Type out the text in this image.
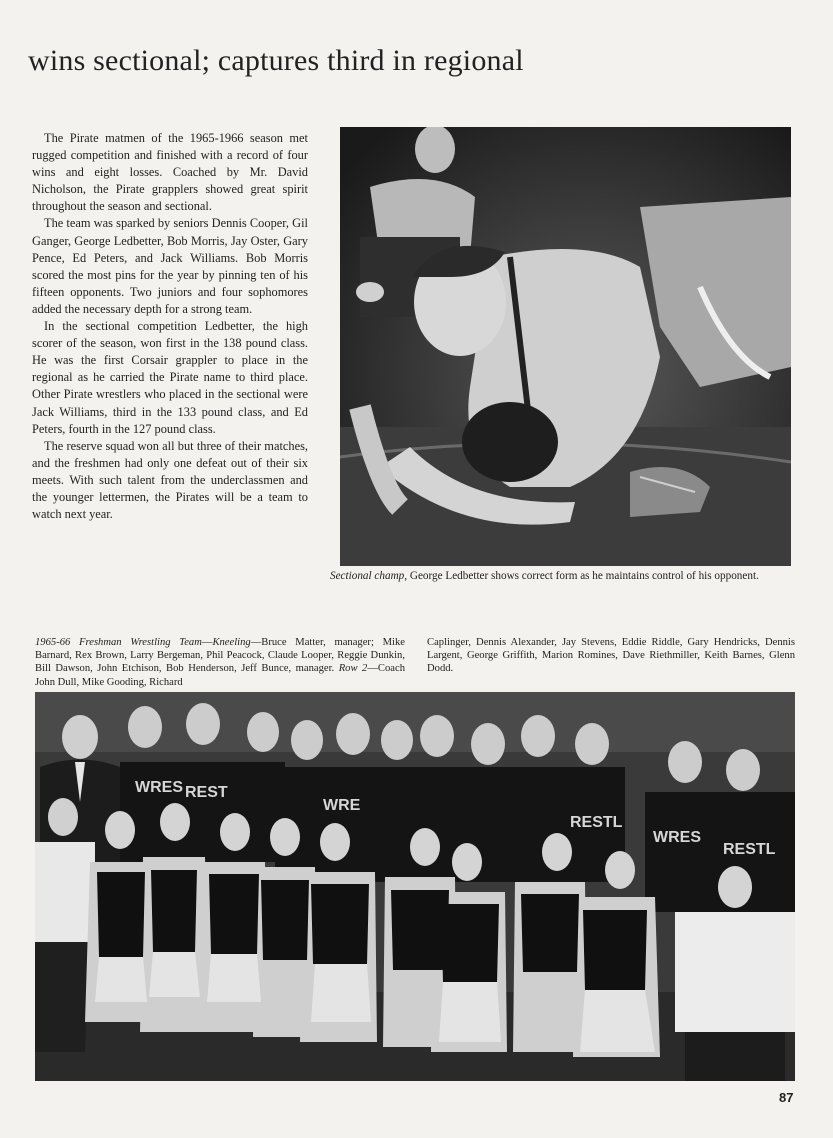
wins sectional; captures third in regional

The Pirate matmen of the 1965-1966 season met rugged competition and finished with a record of four wins and eight losses. Coached by Mr. David Nicholson, the Pirate grapplers showed great spirit throughout the season and sectional.

The team was sparked by seniors Dennis Cooper, Gil Ganger, George Ledbetter, Bob Morris, Jay Oster, Gary Pence, Ed Peters, and Jack Williams. Bob Morris scored the most pins for the year by pinning ten of his fifteen opponents. Two juniors and four sophomores added the necessary depth for a strong team.

In the sectional competition Ledbetter, the high scorer of the season, won first in the 138 pound class. He was the first Corsair grappler to place in the regional as he carried the Pirate name to third place. Other Pirate wrestlers who placed in the sectional were Jack Williams, third in the 133 pound class, and Ed Peters, fourth in the 127 pound class.

The reserve squad won all but three of their matches, and the freshmen had only one defeat out of their six meets. With such talent from the underclassmen and the younger lettermen, the Pirates will be a team to watch next year.

Sectional champ, George Ledbetter shows correct form as he maintains control of his opponent.
1965-66 Freshman Wrestling Team—Kneeling—Bruce Matter, manager; Mike Barnard, Rex Brown, Larry Bergeman, Phil Peacock, Claude Looper, Reggie Dunkin, Bill Dawson, John Etchison, Bob Henderson, Jeff Bunce, manager. Row 2—Coach John Dull, Mike Gooding, Richard
Caplinger, Dennis Alexander, Jay Stevens, Eddie Riddle, Gary Hendricks, Dennis Largent, George Griffith, Marion Romines, Dave Riethmiller, Keith Barnes, Glenn Dodd.
WRES REST
WRE
RESTL
WRES
RESTL
87
